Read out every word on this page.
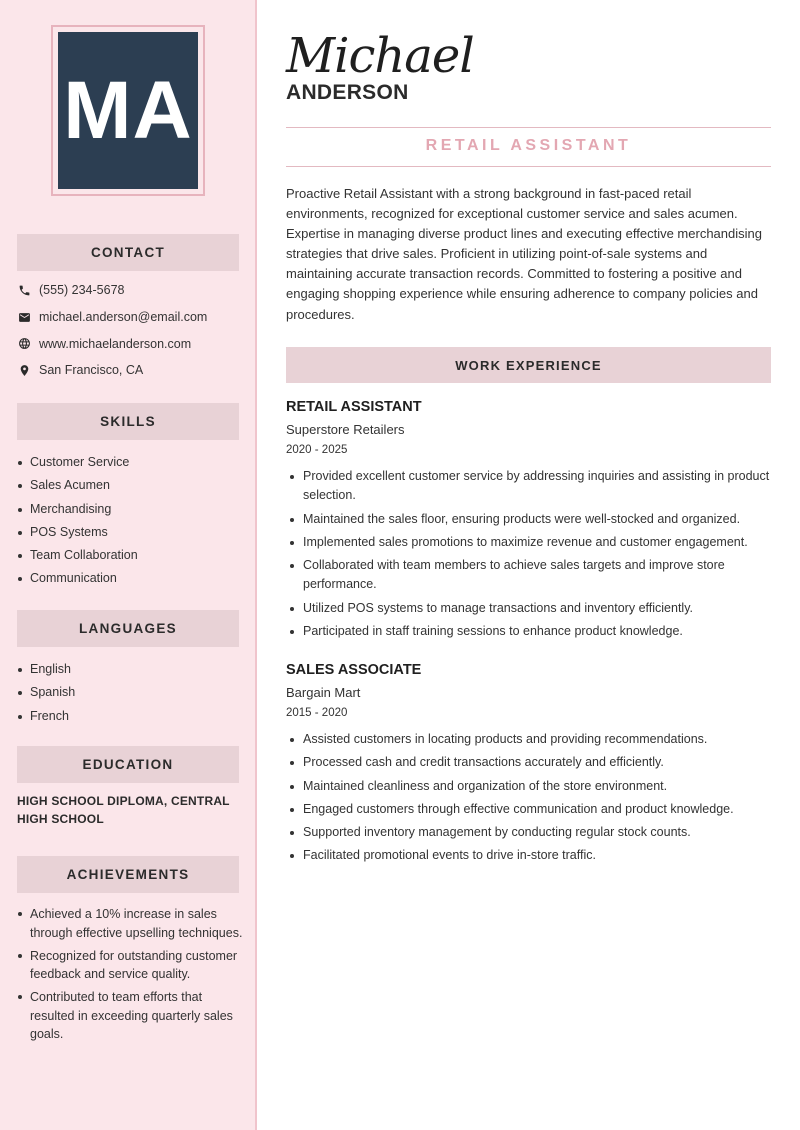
MA
CONTACT
(555) 234-5678
michael.anderson@email.com
www.michaelanderson.com
San Francisco, CA
SKILLS
Customer Service
Sales Acumen
Merchandising
POS Systems
Team Collaboration
Communication
LANGUAGES
English
Spanish
French
EDUCATION
HIGH SCHOOL DIPLOMA, CENTRAL HIGH SCHOOL
ACHIEVEMENTS
Achieved a 10% increase in sales through effective upselling techniques.
Recognized for outstanding customer feedback and service quality.
Contributed to team efforts that resulted in exceeding quarterly sales goals.
Michael
ANDERSON
RETAIL ASSISTANT

Proactive Retail Assistant with a strong background in fast-paced retail environments, recognized for exceptional customer service and sales acumen. Expertise in managing diverse product lines and executing effective merchandising strategies that drive sales. Proficient in utilizing point-of-sale systems and maintaining accurate transaction records. Committed to fostering a positive and engaging shopping experience while ensuring adherence to company policies and procedures.

WORK EXPERIENCE
RETAIL ASSISTANT
Superstore Retailers
2020 - 2025
Provided excellent customer service by addressing inquiries and assisting in product selection.
Maintained the sales floor, ensuring products were well-stocked and organized.
Implemented sales promotions to maximize revenue and customer engagement.
Collaborated with team members to achieve sales targets and improve store performance.
Utilized POS systems to manage transactions and inventory efficiently.
Participated in staff training sessions to enhance product knowledge.
SALES ASSOCIATE
Bargain Mart
2015 - 2020
Assisted customers in locating products and providing recommendations.
Processed cash and credit transactions accurately and efficiently.
Maintained cleanliness and organization of the store environment.
Engaged customers through effective communication and product knowledge.
Supported inventory management by conducting regular stock counts.
Facilitated promotional events to drive in-store traffic.
